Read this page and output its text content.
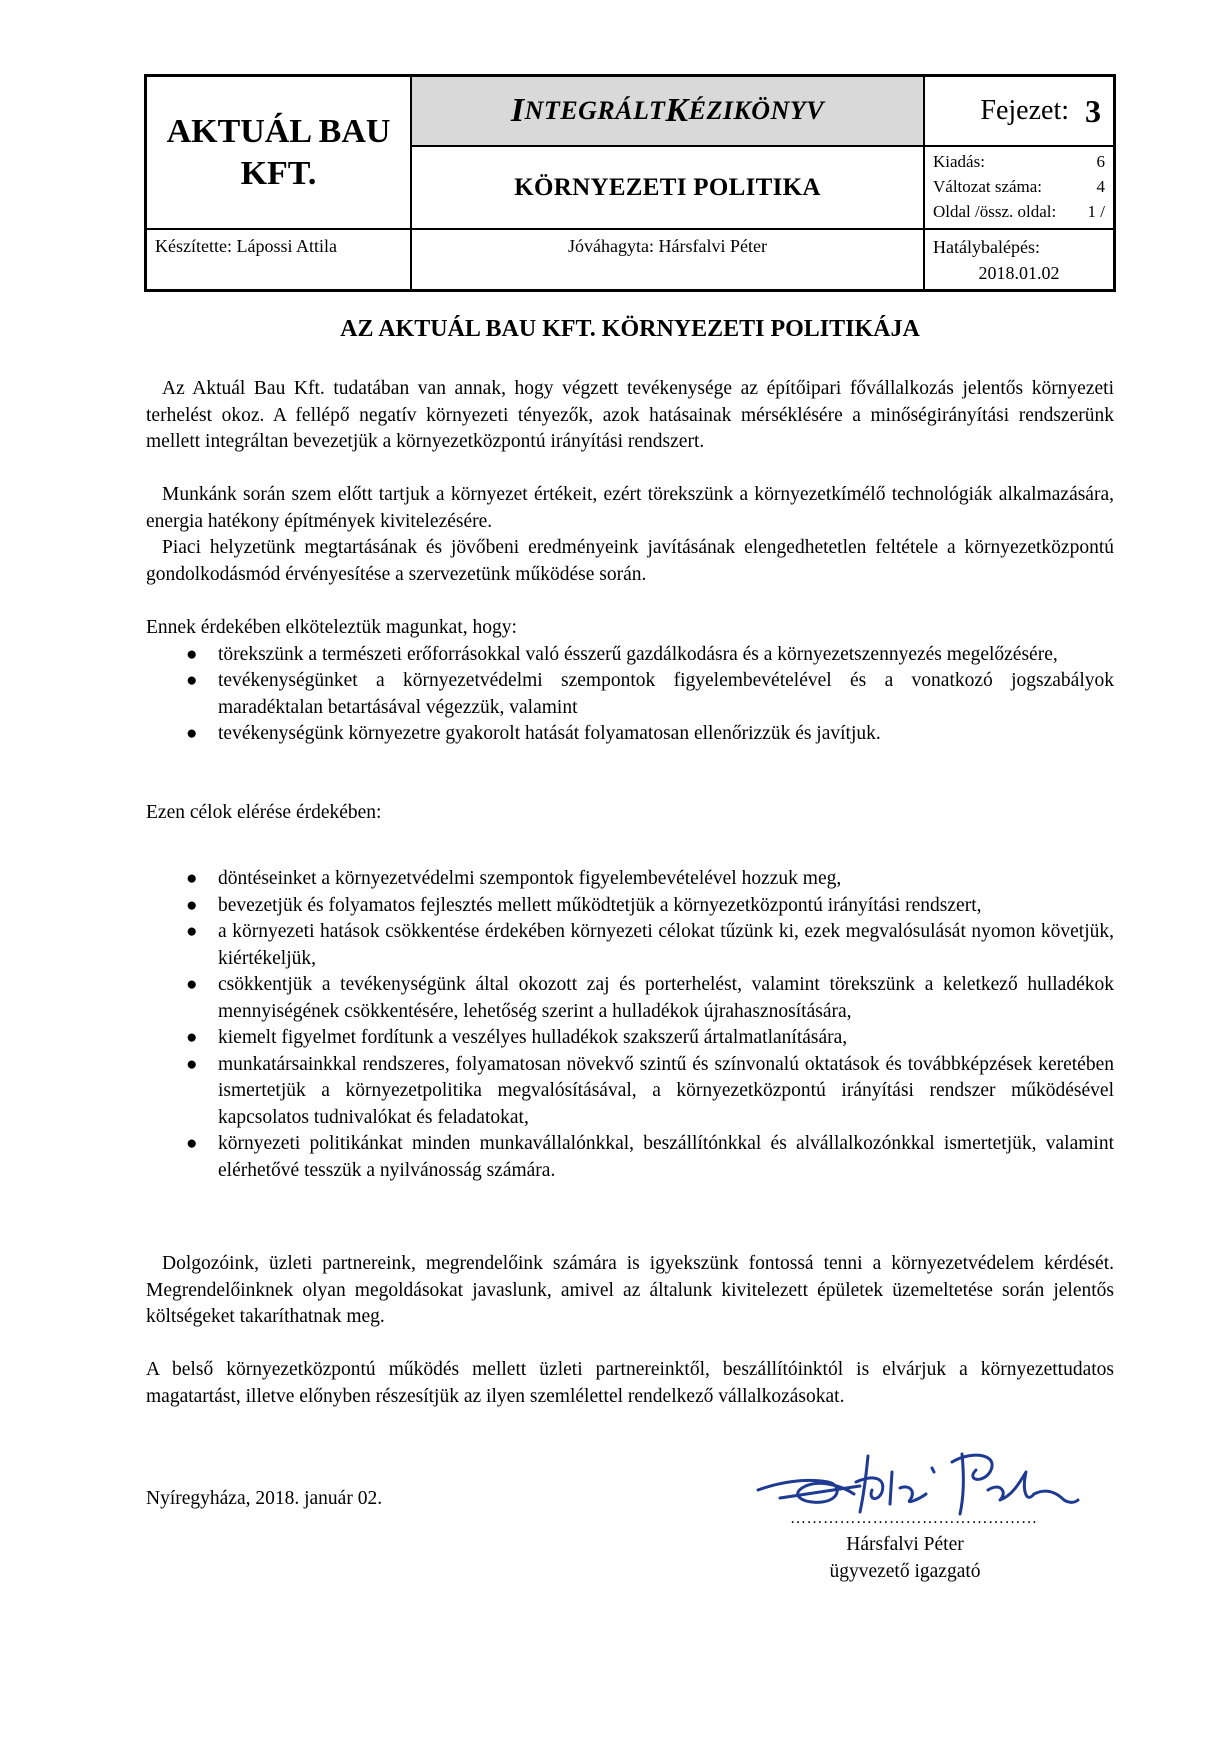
AKTUÁL BAU KFT.
I NTEGRÁLT K ÉZIKÖNYV	Fejezet: 3
KÖRNYEZETI POLITIKA
Kiadás:	6
Változat száma:	4
Oldal /össz. oldal: 1 /
Készítette: Lápossi Attila	Jóváhagyta: Hársfalvi Péter	Hatálybalépés:
2018.01.02
AZ AKTUÁL BAU KFT. KÖRNYEZETI POLITIKÁJA

Az Aktuál Bau Kft. tudatában van annak, hogy végzett tevékenysége az építőipari fővállalkozás jelentős környezeti terhelést okoz. A fellépő negatív környezeti tényezők, azok hatásainak mérséklésére a minőségirányítási rendszerünk mellett integráltan bevezetjük a környezetközpontú irányítási rendszert.

Munkánk során szem előtt tartjuk a környezet értékeit, ezért törekszünk a környezetkímélő technológiák alkalmazására, energia hatékony építmények kivitelezésére.

Piaci helyzetünk megtartásának és jövőbeni eredményeink javításának elengedhetetlen feltétele a környezetközpontú gondolkodásmód érvényesítése a szervezetünk működése során.

Ennek érdekében elköteleztük magunkat, hogy:

● törekszünk a természeti erőforrásokkal való ésszerű gazdálkodásra és a környezetszennyezés megelőzésére,
● tevékenységünket a környezetvédelmi szempontok figyelembevételével és a vonatkozó jogszabályok maradéktalan betartásával végezzük, valamint
● tevékenységünk környezetre gyakorolt hatását folyamatosan ellenőrizzük és javítjuk.

Ezen célok elérése érdekében:

● döntéseinket a környezetvédelmi szempontok figyelembevételével hozzuk meg,
● bevezetjük és folyamatos fejlesztés mellett működtetjük a környezetközpontú irányítási rendszert,
● a környezeti hatások csökkentése érdekében környezeti célokat tűzünk ki, ezek megvalósulását nyomon követjük, kiértékeljük,
● csökkentjük a tevékenységünk által okozott zaj és porterhelést, valamint törekszünk a keletkező hulladékok mennyiségének csökkentésére, lehetőség szerint a hulladékok újrahasznosítására,
● kiemelt figyelmet fordítunk a veszélyes hulladékok szakszerű ártalmatlanítására,
● munkatársainkkal rendszeres, folyamatosan növekvő szintű és színvonalú oktatások és továbbképzések keretében ismertetjük a környezetpolitika megvalósításával, a környezetközpontú irányítási rendszer működésével kapcsolatos tudnivalókat és feladatokat,
● környezeti politikánkat minden munkavállalónkkal, beszállítónkkal és alvállalkozónkkal ismertetjük, valamint elérhetővé tesszük a nyilvánosság számára.

Dolgozóink, üzleti partnereink, megrendelőink számára is igyekszünk fontossá tenni a környezetvédelem kérdését. Megrendelőinknek olyan megoldásokat javaslunk, amivel az általunk kivitelezett épületek üzemeltetése során jelentős költségeket takaríthatnak meg.

A belső környezetközpontú működés mellett üzleti partnereinktől, beszállítóinktól is elvárjuk a környezettudatos magatartást, illetve előnyben részesítjük az ilyen szemlélettel rendelkező vállalkozásokat.

Nyíregyháza, 2018. január 02.
………………………………………
Hársfalvi Péter
ügyvezető igazgató
